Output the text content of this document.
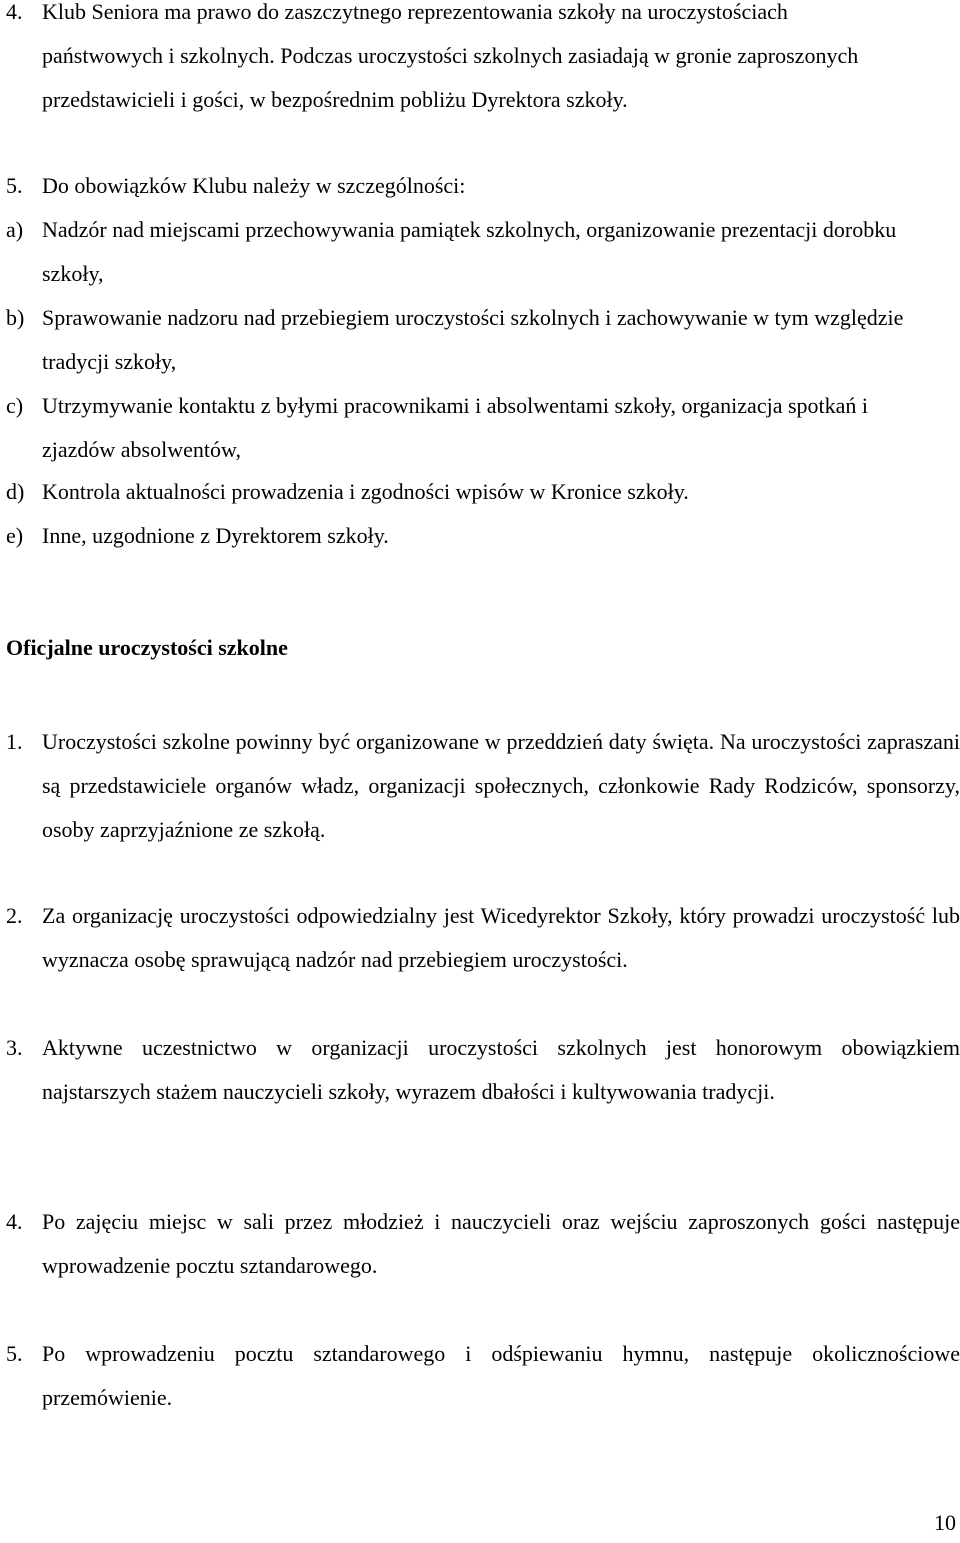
4. Klub Seniora ma prawo do zaszczytnego reprezentowania szkoły na uroczystościach państwowych i szkolnych. Podczas uroczystości szkolnych zasiadają w gronie zaproszonych przedstawicieli i gości, w bezpośrednim pobliżu Dyrektora szkoły.
5. Do obowiązków Klubu należy w szczególności:
a) Nadzór nad miejscami przechowywania pamiątek szkolnych, organizowanie prezentacji dorobku szkoły,
b) Sprawowanie nadzoru nad przebiegiem uroczystości szkolnych i zachowywanie w tym względzie tradycji szkoły,
c) Utrzymywanie kontaktu z byłymi pracownikami i absolwentami szkoły, organizacja spotkań i zjazdów absolwentów,
d) Kontrola aktualności prowadzenia i zgodności wpisów w Kronice szkoły.
e) Inne, uzgodnione z Dyrektorem szkoły.
Oficjalne uroczystości szkolne
1. Uroczystości szkolne powinny być organizowane w przeddzień daty święta. Na uroczystości zapraszani są przedstawiciele organów władz, organizacji społecznych, członkowie Rady Rodziców, sponsorzy, osoby zaprzyjaźnione ze szkołą.
2. Za organizację uroczystości odpowiedzialny jest Wicedyrektor Szkoły, który prowadzi uroczystość lub wyznacza osobę sprawującą nadzór nad przebiegiem uroczystości.
3. Aktywne uczestnictwo w organizacji uroczystości szkolnych jest honorowym obowiązkiem najstarszych stażem nauczycieli szkoły, wyrazem dbałości i kultywowania tradycji.
4. Po zajęciu miejsc w sali przez młodzież i nauczycieli oraz wejściu zaproszonych gości następuje wprowadzenie pocztu sztandarowego.
5. Po wprowadzeniu pocztu sztandarowego i odśpiewaniu hymnu, następuje okolicznościowe przemówienie.
10
